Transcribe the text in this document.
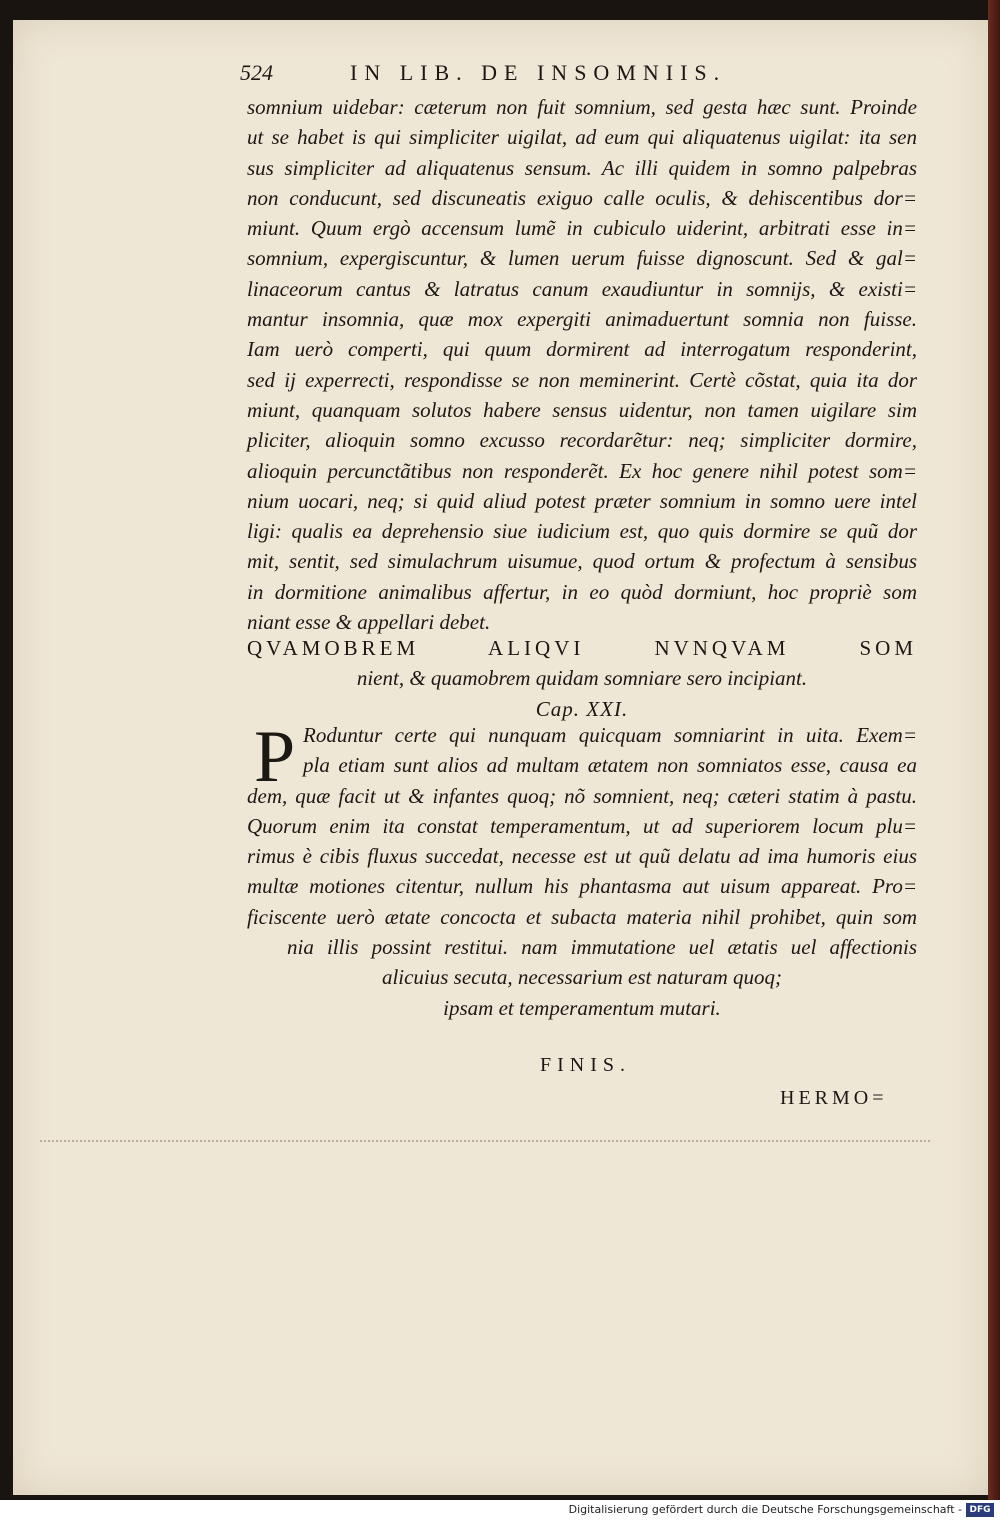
524	IN LIB. DE INSOMNIIS.
somnium uidebar: cæterum non fuit somnium, sed gesta hæc sunt. Proinde
ut se habet is qui simpliciter uigilat, ad eum qui aliquatenus uigilat: ita sen
sus simpliciter ad aliquatenus sensum. Ac illi quidem in somno palpebras
non conducunt, sed discuneatis exiguo calle oculis, & dehiscentibus dor=
miunt. Quum ergò accensum lumẽ in cubiculo uiderint, arbitrati esse in=
somnium, expergiscuntur, & lumen uerum fuisse dignoscunt. Sed & gal=
linaceorum cantus & latratus canum exaudiuntur in somnijs, & existi=
mantur insomnia, quæ mox expergiti animaduertunt somnia non fuisse.
Iam uerò comperti, qui quum dormirent ad interrogatum responderint,
sed ij experrecti, respondisse se non meminerint. Certè cõstat, quia ita dor
miunt, quanquam solutos habere sensus uidentur, non tamen uigilare sim
pliciter, alioquin somno excusso recordarẽtur: neq; simpliciter dormire,
alioquin percunctãtibus non responderẽt. Ex hoc genere nihil potest som=
nium uocari, neq; si quid aliud potest præter somnium in somno uere intel
ligi: qualis ea deprehensio siue iudicium est, quo quis dormire se quũ dor
mit, sentit, sed simulachrum uisumue, quod ortum & profectum à sensibus
in dormitione animalibus affertur, in eo quòd dormiunt, hoc propriè som
niant esse & appellari debet.
QVAMOBREM ALIQVI NVNQVAM SOM
nient, & quamobrem quidam somniare sero incipiant.
Cap. XXI.
P Roduntur certe qui nunquam quicquam somniarint in uita. Exem=
pla etiam sunt alios ad multam ætatem non somniatos esse, causa ea
dem, quæ facit ut & infantes quoq; nõ somnient, neq; cæteri statim à pastu.
Quorum enim ita constat temperamentum, ut ad superiorem locum plu=
rimus è cibis fluxus succedat, necesse est ut quũ delatu ad ima humoris eius
multæ motiones citentur, nullum his phantasma aut uisum appareat. Pro=
ficiscente uerò ætate concocta et subacta materia nihil prohibet, quin som
nia illis possint restitui. nam immutatione uel ætatis uel affectionis
alicuius secuta, necessarium est naturam quoq;
ipsam et temperamentum mutari.
FINIS.
HERMO=
Digitalisierung gefördert durch die Deutsche Forschungsgemeinschaft - DFG
